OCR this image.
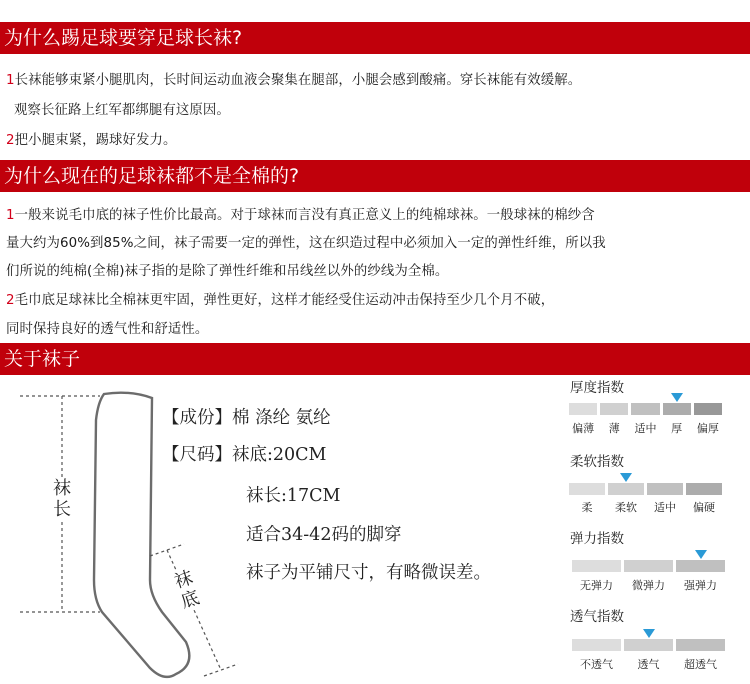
为什么踢足球要穿足球长袜?
1长袜能够束紧小腿肌肉，长时间运动血液会聚集在腿部，小腿会感到酸痛。穿长袜能有效缓解。
观察长征路上红军都绑腿有这原因。
2把小腿束紧，踢球好发力。
为什么现在的足球袜都不是全棉的?
1一般来说毛巾底的袜子性价比最高。对于球袜而言没有真正意义上的纯棉球袜。一般球袜的棉纱含
量大约为60%到85%之间，袜子需要一定的弹性，这在织造过程中必须加入一定的弹性纤维，所以我
们所说的纯棉(全棉)袜子指的是除了弹性纤维和吊线丝以外的纱线为全棉。
2毛巾底足球袜比全棉袜更牢固，弹性更好，这样才能经受住运动冲击保持至少几个月不破，
同时保持良好的透气性和舒适性。
关于袜子
袜长
袜底
【成份】棉 涤纶 氨纶
【尺码】袜底:20CM
袜长:17CM
适合34-42码的脚穿
袜子为平铺尺寸，有略微误差。
厚度指数
偏薄	薄	适中	厚	偏厚
柔软指数
柔	柔软	适中	偏硬
弹力指数
无弹力	微弹力	强弹力
透气指数
不透气	透气	超透气
